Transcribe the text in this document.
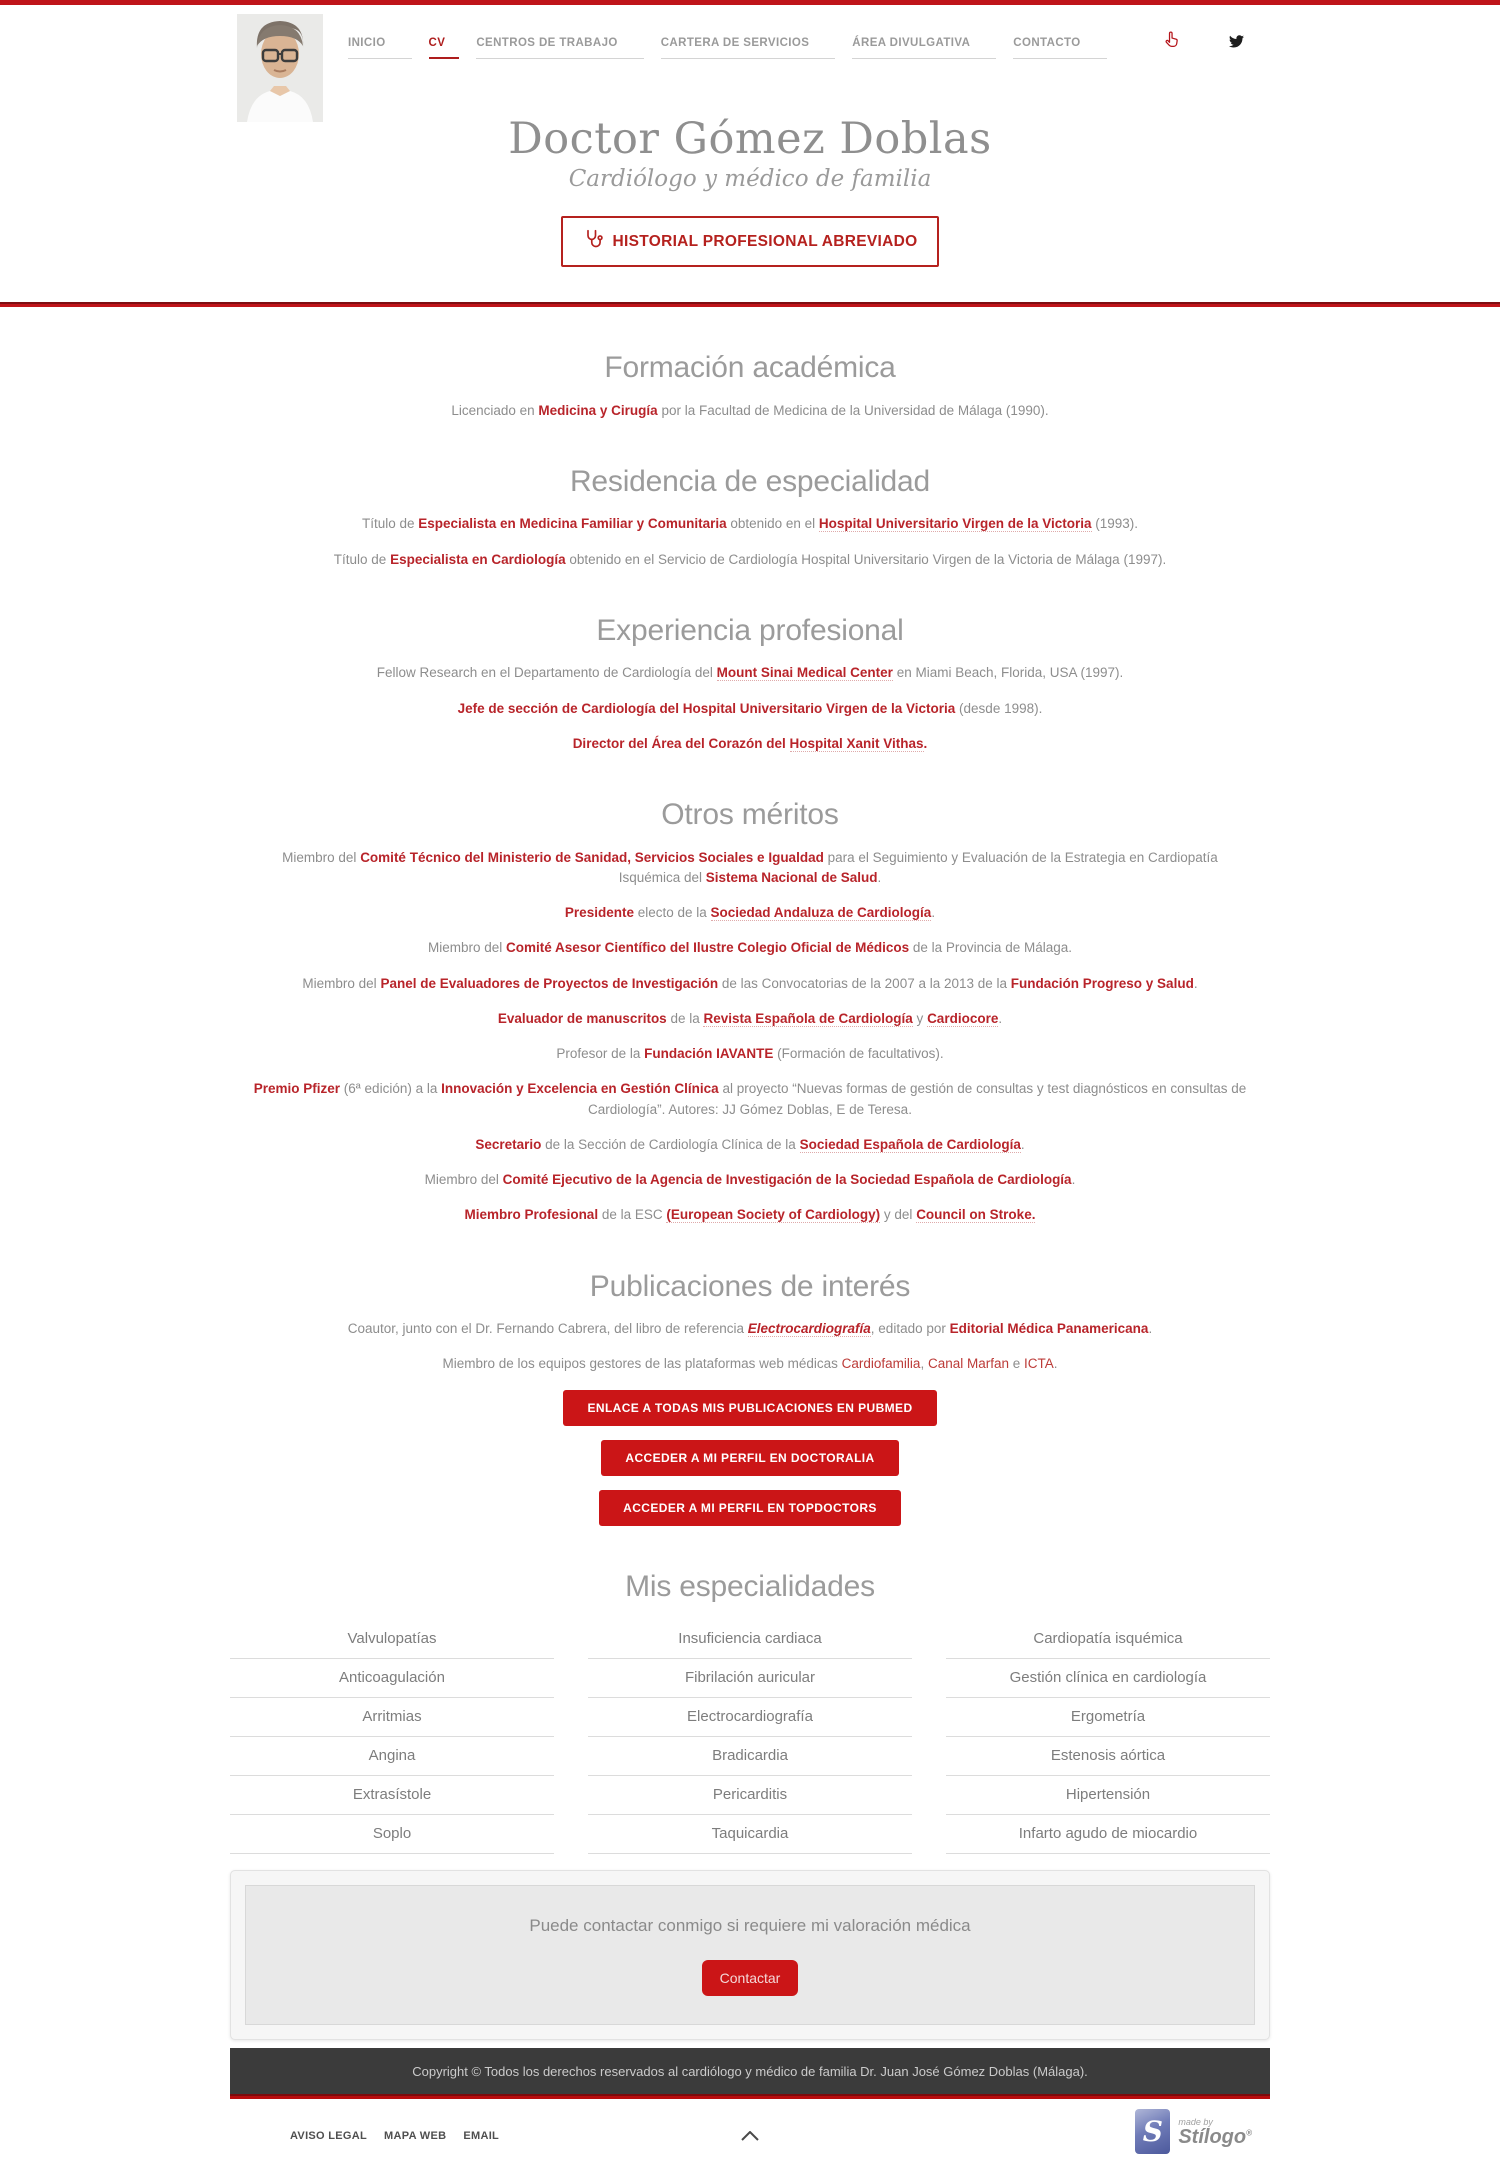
INICIO	CV	CENTROS DE TRABAJO	CARTERA DE SERVICIOS	ÁREA DIVULGATIVA	CONTACTO
Doctor Gómez Doblas
Cardiólogo y médico de familia
HISTORIAL PROFESIONAL ABREVIADO
Formación académica

Licenciado en Medicina y Cirugía por la Facultad de Medicina de la Universidad de Málaga (1990).

Residencia de especialidad

Título de Especialista en Medicina Familiar y Comunitaria obtenido en el Hospital Universitario Virgen de la Victoria (1993).

Título de Especialista en Cardiología obtenido en el Servicio de Cardiología Hospital Universitario Virgen de la Victoria de Málaga (1997).

Experiencia profesional

Fellow Research en el Departamento de Cardiología del Mount Sinai Medical Center en Miami Beach, Florida, USA (1997).

Jefe de sección de Cardiología del Hospital Universitario Virgen de la Victoria (desde 1998).

Director del Área del Corazón del Hospital Xanit Vithas.

Otros méritos

Miembro del Comité Técnico del Ministerio de Sanidad, Servicios Sociales e Igualdad para el Seguimiento y Evaluación de la Estrategia en Cardiopatía Isquémica del Sistema Nacional de Salud.

Presidente electo de la Sociedad Andaluza de Cardiología.

Miembro del Comité Asesor Científico del Ilustre Colegio Oficial de Médicos de la Provincia de Málaga.

Miembro del Panel de Evaluadores de Proyectos de Investigación de las Convocatorias de la 2007 a la 2013 de la Fundación Progreso y Salud.

Evaluador de manuscritos de la Revista Española de Cardiología y Cardiocore.

Profesor de la Fundación IAVANTE (Formación de facultativos).

Premio Pfizer (6ª edición) a la Innovación y Excelencia en Gestión Clínica al proyecto “Nuevas formas de gestión de consultas y test diagnósticos en consultas de Cardiología”. Autores: JJ Gómez Doblas, E de Teresa.

Secretario de la Sección de Cardiología Clínica de la Sociedad Española de Cardiología.

Miembro del Comité Ejecutivo de la Agencia de Investigación de la Sociedad Española de Cardiología.

Miembro Profesional de la ESC (European Society of Cardiology) y del Council on Stroke.

Publicaciones de interés

Coautor, junto con el Dr. Fernando Cabrera, del libro de referencia Electrocardiografía, editado por Editorial Médica Panamericana.

Miembro de los equipos gestores de las plataformas web médicas Cardiofamilia, Canal Marfan e ICTA.

ENLACE A TODAS MIS PUBLICACIONES EN PUBMED
ACCEDER A MI PERFIL EN DOCTORALIA
ACCEDER A MI PERFIL EN TOPDOCTORS
Mis especialidades
Valvulopatías	Insuficiencia cardiaca	Cardiopatía isquémica
Anticoagulación	Fibrilación auricular	Gestión clínica en cardiología
Arritmias	Electrocardiografía	Ergometría
Angina	Bradicardia	Estenosis aórtica
Extrasístole	Pericarditis	Hipertensión
Soplo	Taquicardia	Infarto agudo de miocardio
Puede contactar conmigo si requiere mi valoración médica
Contactar
Copyright © Todos los derechos reservados al cardiólogo y médico de familia Dr. Juan José Gómez Doblas (Málaga).
AVISO LEGAL MAPA WEB EMAIL	S	made by
Stílogo®
